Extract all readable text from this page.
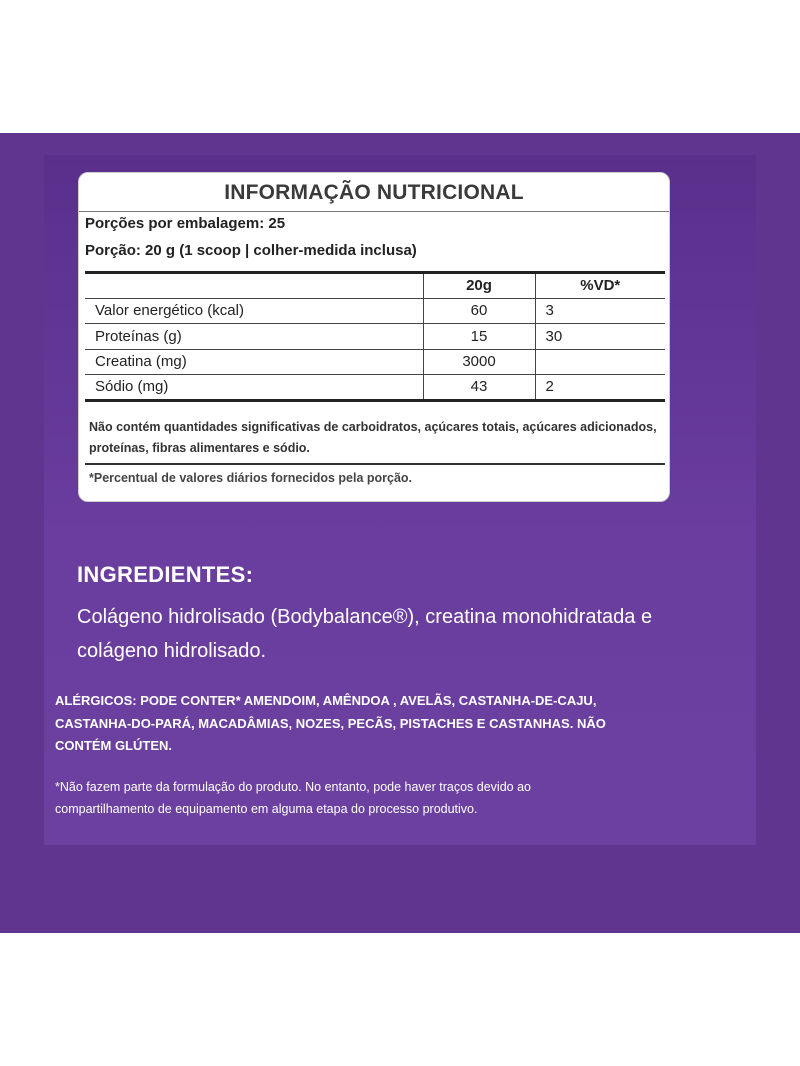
INFORMAÇÃO NUTRICIONAL
Porções por embalagem: 25
Porção: 20 g (1 scoop | colher-medida inclusa)
	20g	%VD*
Valor energético (kcal)	60	3
Proteínas (g)	15	30
Creatina (mg)	3000	
Sódio (mg)	43	2
Não contém quantidades significativas de carboidratos, açúcares totais, açúcares adicionados, proteínas, fibras alimentares e sódio.
*Percentual de valores diários fornecidos pela porção.
INGREDIENTES:
Colágeno hidrolisado (Bodybalance®), creatina monohidratada e colágeno hidrolisado.
ALÉRGICOS: PODE CONTER* AMENDOIM, AMÊNDOA , AVELÃS, CASTANHA-DE-CAJU, CASTANHA-DO-PARÁ, MACADÂMIAS, NOZES, PECÃS, PISTACHES E CASTANHAS. NÃO CONTÉM GLÚTEN.
*Não fazem parte da formulação do produto. No entanto, pode haver traços devido ao compartilhamento de equipamento em alguma etapa do processo produtivo.
